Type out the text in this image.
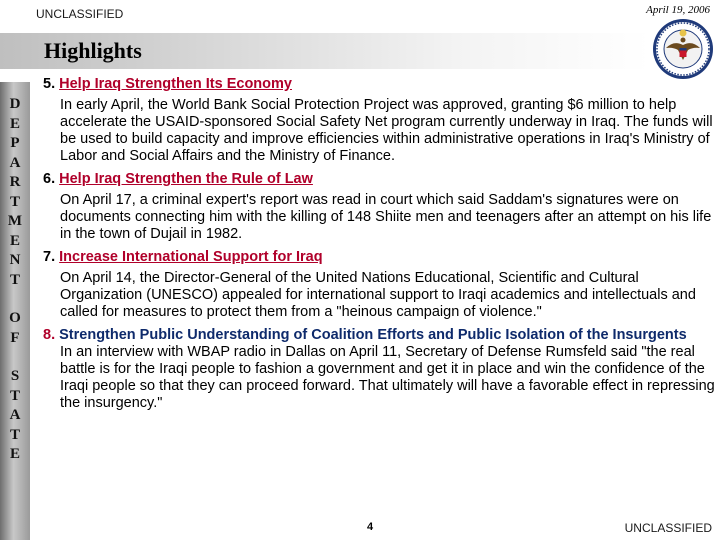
UNCLASSIFIED	April 19, 2006
Highlights
D
E
P
A
R
T
M
E
N
T
O
F
S
T
A
T
E
5. Help Iraq Strengthen Its Economy
In early April, the World Bank Social Protection Project was approved, granting $6 million to help accelerate the USAID-sponsored Social Safety Net program currently underway in Iraq. The funds will be used to build capacity and improve efficiencies within administrative operations in Iraq's Ministry of Labor and Social Affairs and the Ministry of Finance.
6. Help Iraq Strengthen the Rule of Law
On April 17, a criminal expert's report was read in court which said Saddam's signatures were on documents connecting him with the killing of 148 Shiite men and teenagers after an attempt on his life in the town of Dujail in 1982.
7. Increase International Support for Iraq
On April 14, the Director-General of the United Nations Educational, Scientific and Cultural Organization (UNESCO) appealed for international support to Iraqi academics and intellectuals and called for measures to protect them from a "heinous campaign of violence."
8. Strengthen Public Understanding of Coalition Efforts and Public Isolation of the Insurgents
In an interview with WBAP radio in Dallas on April 11, Secretary of Defense Rumsfeld said "the real battle is for the Iraqi people to fashion a government and get it in place and win the confidence of the Iraqi people so that they can proceed forward. That ultimately will have a favorable effect in repressing the insurgency."
4	UNCLASSIFIED
